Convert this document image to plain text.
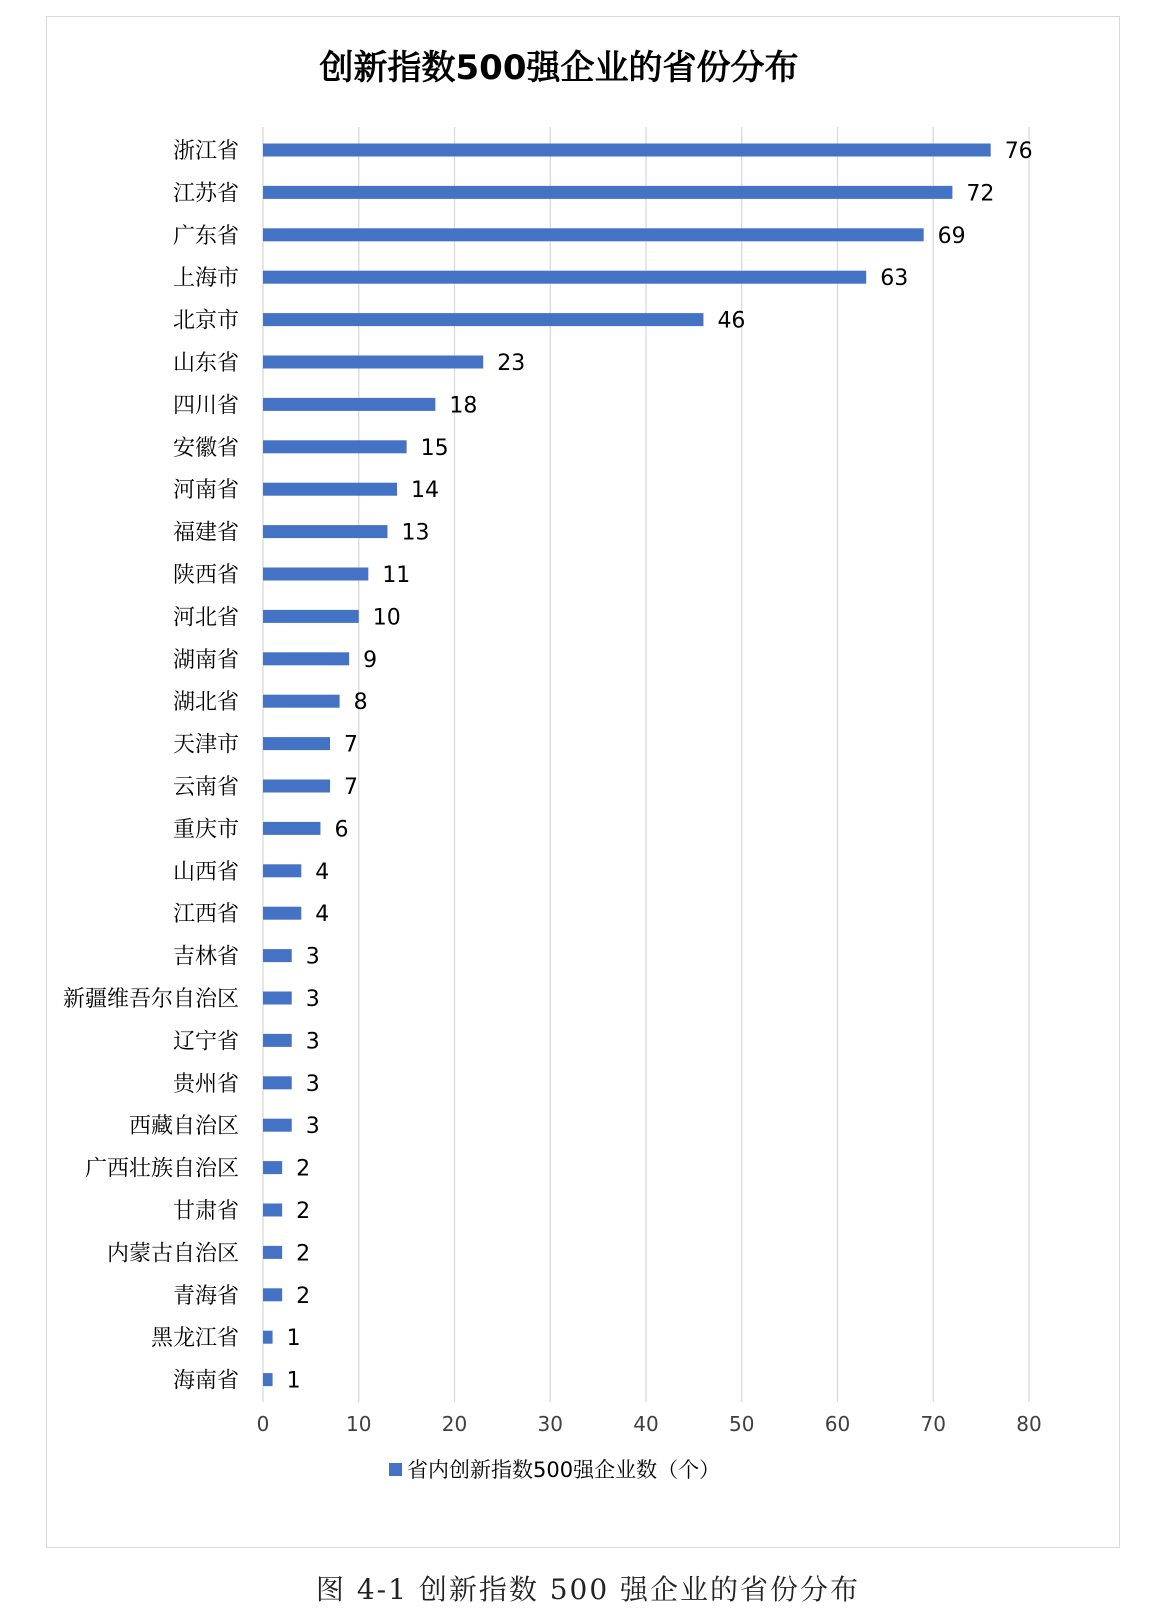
创新指数500强企业的省份分布
浙江省
江苏省
广东省
上海市
北京市
山东省
四川省
安徽省
河南省
福建省
陕西省
河北省
湖南省
湖北省
天津市
云南省
重庆市
山西省
江西省
吉林省
新疆维吾尔自治区
辽宁省
贵州省
西藏自治区
广西壮族自治区
甘肃省
内蒙古自治区
青海省
黑龙江省
海南省
76
72
69
63
46
23
18
15
14
13
11
10
9
8
7
7
6
4
4
3
3
3
3
3
2
2
2
2
1
1
0	10	20	30	40	50	60	70	80
省内创新指数500强企业数（个）
图 4-1 创新指数 500 强企业的省份分布
